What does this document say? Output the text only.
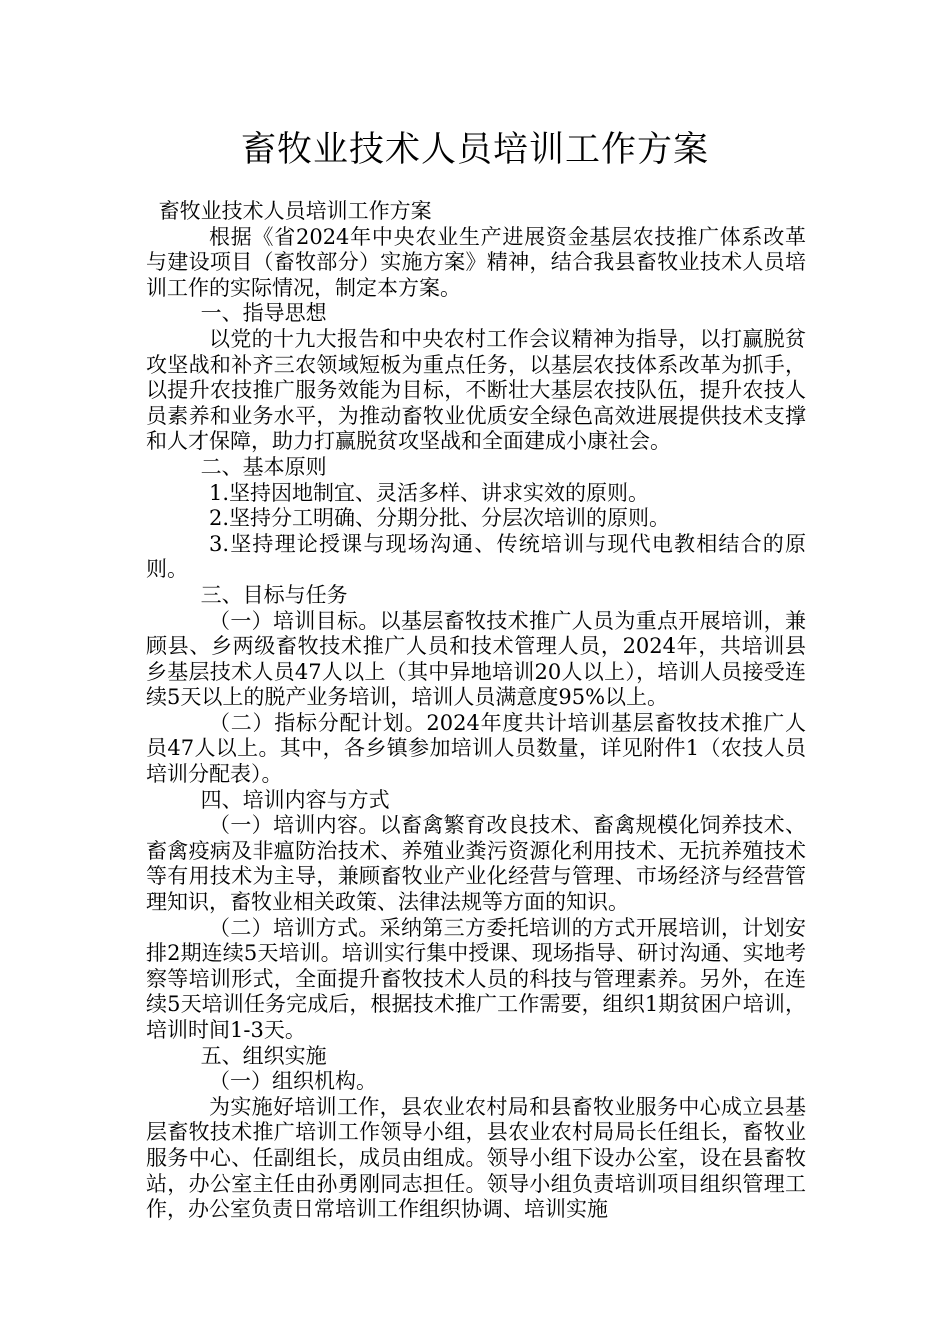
畜牧业技术人员培训工作方案

畜牧业技术人员培训工作方案

根据《省2024年中央农业生产进展资金基层农技推广体系改革与建设项目（畜牧部分）实施方案》精神，结合我县畜牧业技术人员培训工作的实际情况，制定本方案。

一、指导思想

以党的十九大报告和中央农村工作会议精神为指导，以打赢脱贫攻坚战和补齐三农领域短板为重点任务，以基层农技体系改革为抓手，以提升农技推广服务效能为目标，不断壮大基层农技队伍，提升农技人员素养和业务水平，为推动畜牧业优质安全绿色高效进展提供技术支撑和人才保障，助力打赢脱贫攻坚战和全面建成小康社会。

二、基本原则

1.坚持因地制宜、灵活多样、讲求实效的原则。

2.坚持分工明确、分期分批、分层次培训的原则。

3.坚持理论授课与现场沟通、传统培训与现代电教相结合的原则。

三、目标与任务

（一）培训目标。以基层畜牧技术推广人员为重点开展培训，兼顾县、乡两级畜牧技术推广人员和技术管理人员，2024年，共培训县乡基层技术人员47人以上（其中异地培训20人以上），培训人员接受连续5天以上的脱产业务培训，培训人员满意度95%以上。

（二）指标分配计划。2024年度共计培训基层畜牧技术推广人员47人以上。其中，各乡镇参加培训人员数量，详见附件1（农技人员培训分配表）。

四、培训内容与方式

（一）培训内容。以畜禽繁育改良技术、畜禽规模化饲养技术、畜禽疫病及非瘟防治技术、养殖业粪污资源化利用技术、无抗养殖技术等有用技术为主导，兼顾畜牧业产业化经营与管理、市场经济与经营管理知识，畜牧业相关政策、法律法规等方面的知识。

（二）培训方式。采纳第三方委托培训的方式开展培训，计划安排2期连续5天培训。培训实行集中授课、现场指导、研讨沟通、实地考察等培训形式，全面提升畜牧技术人员的科技与管理素养。另外，在连续5天培训任务完成后，根据技术推广工作需要，组织1期贫困户培训，培训时间1-3天。

五、组织实施

（一）组织机构。

为实施好培训工作，县农业农村局和县畜牧业服务中心成立县基层畜牧技术推广培训工作领导小组，县农业农村局局长任组长，畜牧业服务中心、任副组长，成员由组成。领导小组下设办公室，设在县畜牧站，办公室主任由孙勇刚同志担任。领导小组负责培训项目组织管理工作，办公室负责日常培训工作组织协调、培训实施
